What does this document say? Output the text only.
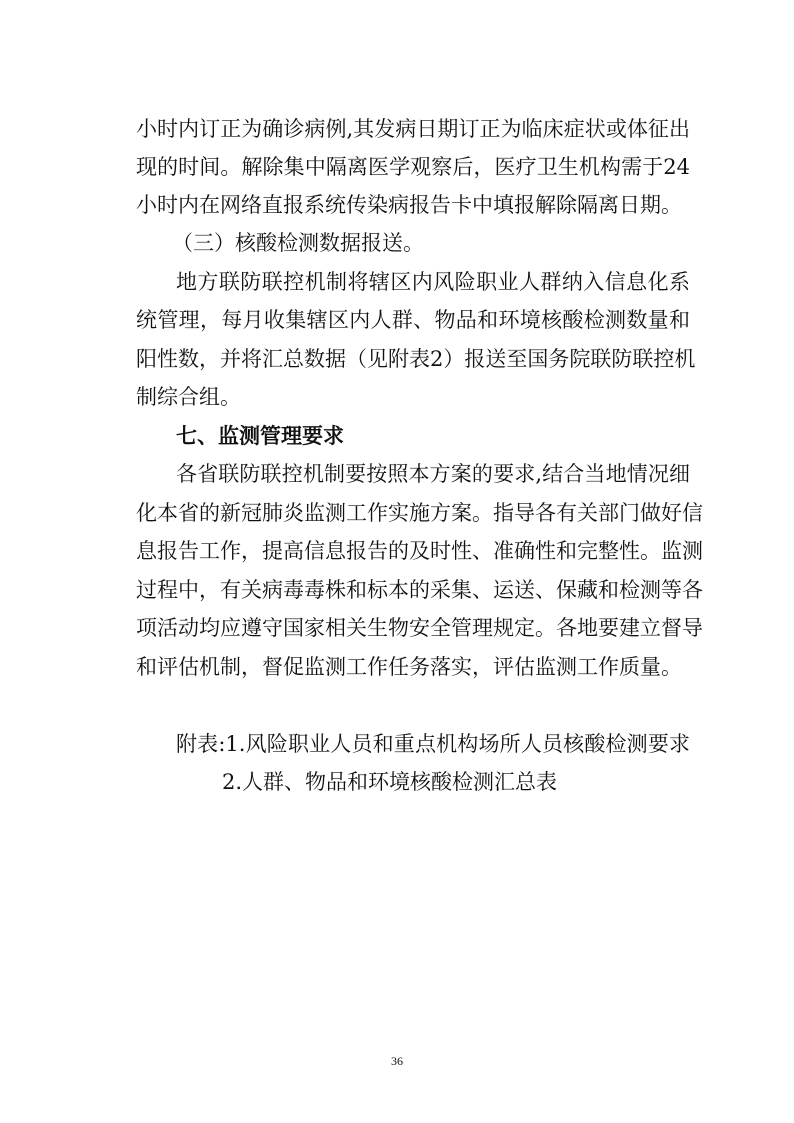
小时内订正为确诊病例,其发病日期订正为临床症状或体征出
现的时间。解除集中隔离医学观察后，医疗卫生机构需于24
小时内在网络直报系统传染病报告卡中填报解除隔离日期。
（三）核酸检测数据报送。
地方联防联控机制将辖区内风险职业人群纳入信息化系
统管理，每月收集辖区内人群、物品和环境核酸检测数量和
阳性数，并将汇总数据（见附表2）报送至国务院联防联控机
制综合组。
七、监测管理要求
各省联防联控机制要按照本方案的要求,结合当地情况细
化本省的新冠肺炎监测工作实施方案。指导各有关部门做好信
息报告工作，提高信息报告的及时性、准确性和完整性。监测
过程中，有关病毒毒株和标本的采集、运送、保藏和检测等各
项活动均应遵守国家相关生物安全管理规定。各地要建立督导
和评估机制，督促监测工作任务落实，评估监测工作质量。
附表:1.风险职业人员和重点机构场所人员核酸检测要求
2.人群、物品和环境核酸检测汇总表
36
